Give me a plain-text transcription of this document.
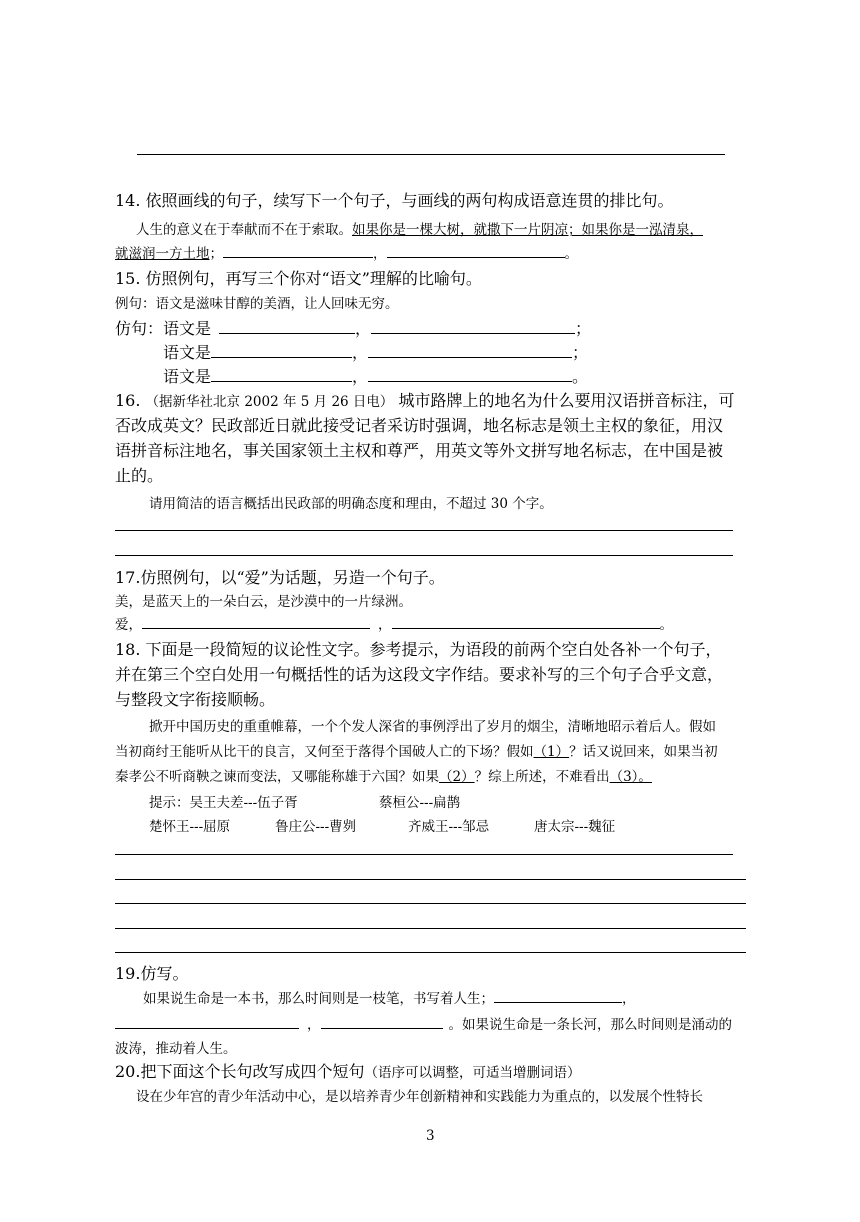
14. 依照画线的句子，续写下一个句子，与画线的两句构成语意连贯的排比句。
人生的意义在于奉献而不在于索取。如果你是一棵大树，就撒下一片阴凉；如果你是一泓清泉，
就滋润一方土地；	，	。
15. 仿照例句，再写三个你对“语文”理解的比喻句。
例句：语文是滋味甘醇的美酒，让人回味无穷。
仿句：语文是	，	；
语文是	，	；
语文是	，	。
16. （据新华社北京 2002 年 5 月 26 日电） 城市路牌上的地名为什么要用汉语拼音标注，可
否改成英文？民政部近日就此接受记者采访时强调，地名标志是领土主权的象征，用汉
语拼音标注地名，事关国家领土主权和尊严，用英文等外文拼写地名标志，在中国是被
止的。
请用简洁的语言概括出民政部的明确态度和理由，不超过 30 个字。
17.仿照例句，以“爱”为话题，另造一个句子。
美，是蓝天上的一朵白云，是沙漠中的一片绿洲。
爱，	，	。
18. 下面是一段简短的议论性文字。参考提示，为语段的前两个空白处各补一个句子，
并在第三个空白处用一句概括性的话为这段文字作结。要求补写的三个句子合乎文意，
与整段文字衔接顺畅。
掀开中国历史的重重帷幕，一个个发人深省的事例浮出了岁月的烟尘，清晰地昭示着后人。假如
当初商纣王能听从比干的良言，又何至于落得个国破人亡的下场？假如（1）？话又说回来，如果当初
秦孝公不听商鞅之谏而变法，又哪能称雄于六国？如果（2）？综上所述，不难看出（3）。
提示：吴王夫差---伍子胥	蔡桓公---扁鹊
楚怀王---屈原	鲁庄公---曹刿	齐威王---邹忌	唐太宗---魏征
19.仿写。
如果说生命是一本书，那么时间则是一枝笔，书写着人生；	，
，	。如果说生命是一条长河，那么时间则是涌动的
波涛，推动着人生。
20.把下面这个长句改写成四个短句（语序可以调整，可适当增删词语）
设在少年宫的青少年活动中心，是以培养青少年创新精神和实践能力为重点的，以发展个性特长
3
